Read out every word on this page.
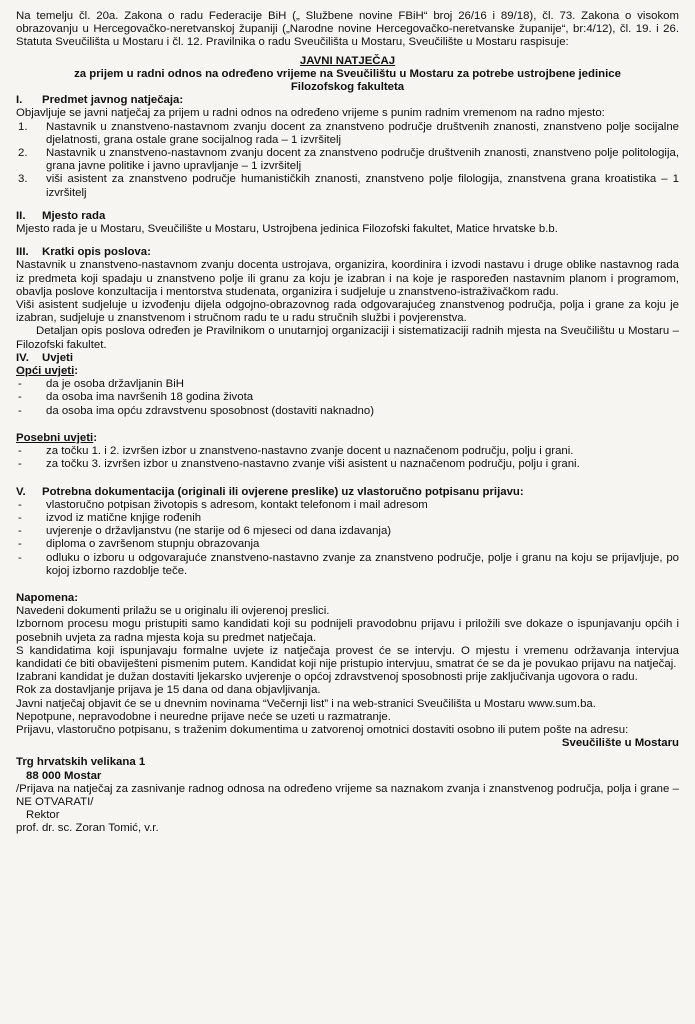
Na temelju čl. 20a. Zakona o radu Federacije BiH („ Službene novine FBiH“ broj 26/16 i 89/18), čl. 73. Zakona o visokom obrazovanju u Hercegovačko-neretvanskoj županiji („Narodne novine Hercegovačko-neretvanske županije“, br:4/12), čl. 19. i 26. Statuta Sveučilišta u Mostaru i čl. 12. Pravilnika o radu Sveučilišta u Mostaru, Sveučilište u Mostaru raspisuje:

JAVNI NATJEČAJ

za prijem u radni odnos na određeno vrijeme na Sveučilištu u Mostaru za potrebe ustrojbene jedinice

Filozofskog fakulteta

I. Predmet javnog natječaja:

Objavljuje se javni natječaj za prijem u radni odnos na određeno vrijeme s punim radnim vremenom na radno mjesto:

1. Nastavnik u znanstveno-nastavnom zvanju docent za znanstveno područje društvenih znanosti, znanstveno polje socijalne djelatnosti, grana ostale grane socijalnog rada – 1 izvršitelj
2. Nastavnik u znanstveno-nastavnom zvanju docent za znanstveno područje društvenih znanosti, znanstveno polje politologija, grana javne politike i javno upravljanje – 1 izvršitelj
3. viši asistent za znanstveno područje humanističkih znanosti, znanstveno polje filologija, znanstvena grana kroatistika – 1 izvršitelj
II. Mjesto rada

Mjesto rada je u Mostaru, Sveučilište u Mostaru, Ustrojbena jedinica Filozofski fakultet, Matice hrvatske b.b.

III. Kratki opis poslova:

Nastavnik u znanstveno-nastavnom zvanju docenta ustrojava, organizira, koordinira i izvodi nastavu i druge oblike nastavnog rada iz predmeta koji spadaju u znanstveno polje ili granu za koju je izabran i na koje je raspoređen nastavnim planom i programom, obavlja poslove konzultacija i mentorstva studenata, organizira i sudjeluje u znanstveno-istraživačkom radu.

Viši asistent sudjeluje u izvođenju dijela odgojno-obrazovnog rada odgovarajućeg znanstvenog područja, polja i grane za koju je izabran, sudjeluje u znanstvenom i stručnom radu te u radu stručnih službi i povjerenstva.

Detaljan opis poslova određen je Pravilnikom o unutarnjoj organizaciji i sistematizaciji radnih mjesta na Sveučilištu u Mostaru – Filozofski fakultet.

IV. Uvjeti
Opći uvjeti:
- da je osoba državljanin BiH
- da osoba ima navršenih 18 godina života
- da osoba ima opću zdravstvenu sposobnost (dostaviti naknadno)
Posebni uvjeti:
- za točku 1. i 2. izvršen izbor u znanstveno-nastavno zvanje docent u naznačenom području, polju i grani.
- za točku 3. izvršen izbor u znanstveno-nastavno zvanje viši asistent u naznačenom području, polju i grani.
V. Potrebna dokumentacija (originali ili ovjerene preslike) uz vlastoručno potpisanu prijavu:
- vlastoručno potpisan životopis s adresom, kontakt telefonom i mail adresom
- izvod iz matične knjige rođenih
- uvjerenje o državljanstvu (ne starije od 6 mjeseci od dana izdavanja)
- diploma o završenom stupnju obrazovanja
- odluku o izboru u odgovarajuće znanstveno-nastavno zvanje za znanstveno područje, polje i granu na koju se prijavljuje, po kojoj izborno razdoblje teče.
Napomena:

Navedeni dokumenti prilažu se u originalu ili ovjerenoj preslici.

Izbornom procesu mogu pristupiti samo kandidati koji su podnijeli pravodobnu prijavu i priložili sve dokaze o ispunjavanju općih i posebnih uvjeta za radna mjesta koja su predmet natječaja.

S kandidatima koji ispunjavaju formalne uvjete iz natječaja provest će se intervju. O mjestu i vremenu održavanja intervjua kandidati će biti obaviješteni pismenim putem. Kandidat koji nije pristupio intervjuu, smatrat će se da je povukao prijavu na natječaj.

Izabrani kandidat je dužan dostaviti ljekarsko uvjerenje o općoj zdravstvenoj sposobnosti prije zaključivanja ugovora o radu.

Rok za dostavljanje prijava je 15 dana od dana objavljivanja.

Javni natječaj objavit će se u dnevnim novinama “Večernji list” i na web-stranici Sveučilišta u Mostaru www.sum.ba.

Nepotpune, nepravodobne i neuredne prijave neće se uzeti u razmatranje.

Prijavu, vlastoručno potpisanu, s traženim dokumentima u zatvorenoj omotnici dostaviti osobno ili putem pošte na adresu:

Sveučilište u Mostaru

Trg hrvatskih velikana 1

88 000 Mostar

/Prijava na natječaj za zasnivanje radnog odnosa na određeno vrijeme sa naznakom zvanja i znanstvenog područja, polja i grane – NE OTVARATI/

Rektor

prof. dr. sc. Zoran Tomić, v.r.
